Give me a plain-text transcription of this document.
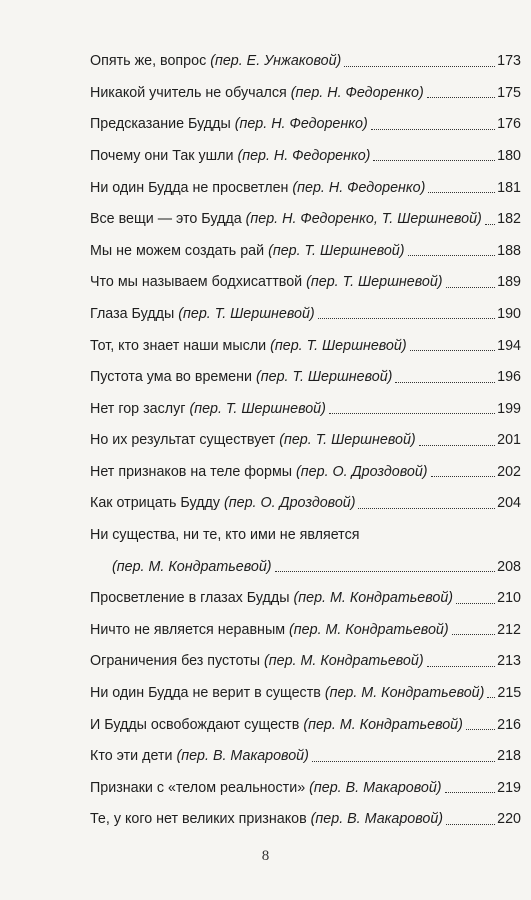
Опять же, вопрос (пер. Е. Унжаковой)	173
Никакой учитель не обучался (пер. Н. Федоренко)	175
Предсказание Будды (пер. Н. Федоренко)	176
Почему они Так ушли (пер. Н. Федоренко)	180
Ни один Будда не просветлен (пер. Н. Федоренко)	181
Все вещи — это Будда (пер. Н. Федоренко, Т. Шершневой) 182
Мы не можем создать рай (пер. Т. Шершневой)	188
Что мы называем бодхисаттвой (пер. Т. Шершневой)	189
Глаза Будды (пер. Т. Шершневой)	190
Тот, кто знает наши мысли (пер. Т. Шершневой)	194
Пустота ума во времени (пер. Т. Шершневой)	196
Нет гор заслуг (пер. Т. Шершневой)	199
Но их результат существует (пер. Т. Шершневой)	201
Нет признаков на теле формы (пер. О. Дроздовой)	202
Как отрицать Будду (пер. О. Дроздовой)	204
Ни существа, ни те, кто ими не является
(пер. М. Кондратьевой)	208
Просветление в глазах Будды (пер. М. Кондратьевой)	210
Ничто не является неравным (пер. М. Кондратьевой)	212
Ограничения без пустоты (пер. М. Кондратьевой)	213
Ни один Будда не верит в существ (пер. М. Кондратьевой) 215
И Будды освобождают существ (пер. М. Кондратьевой) 216
Кто эти дети (пер. В. Макаровой)	218
Признаки с «телом реальности» (пер. В. Макаровой)	219
Те, у кого нет великих признаков (пер. В. Макаровой)	220
8
